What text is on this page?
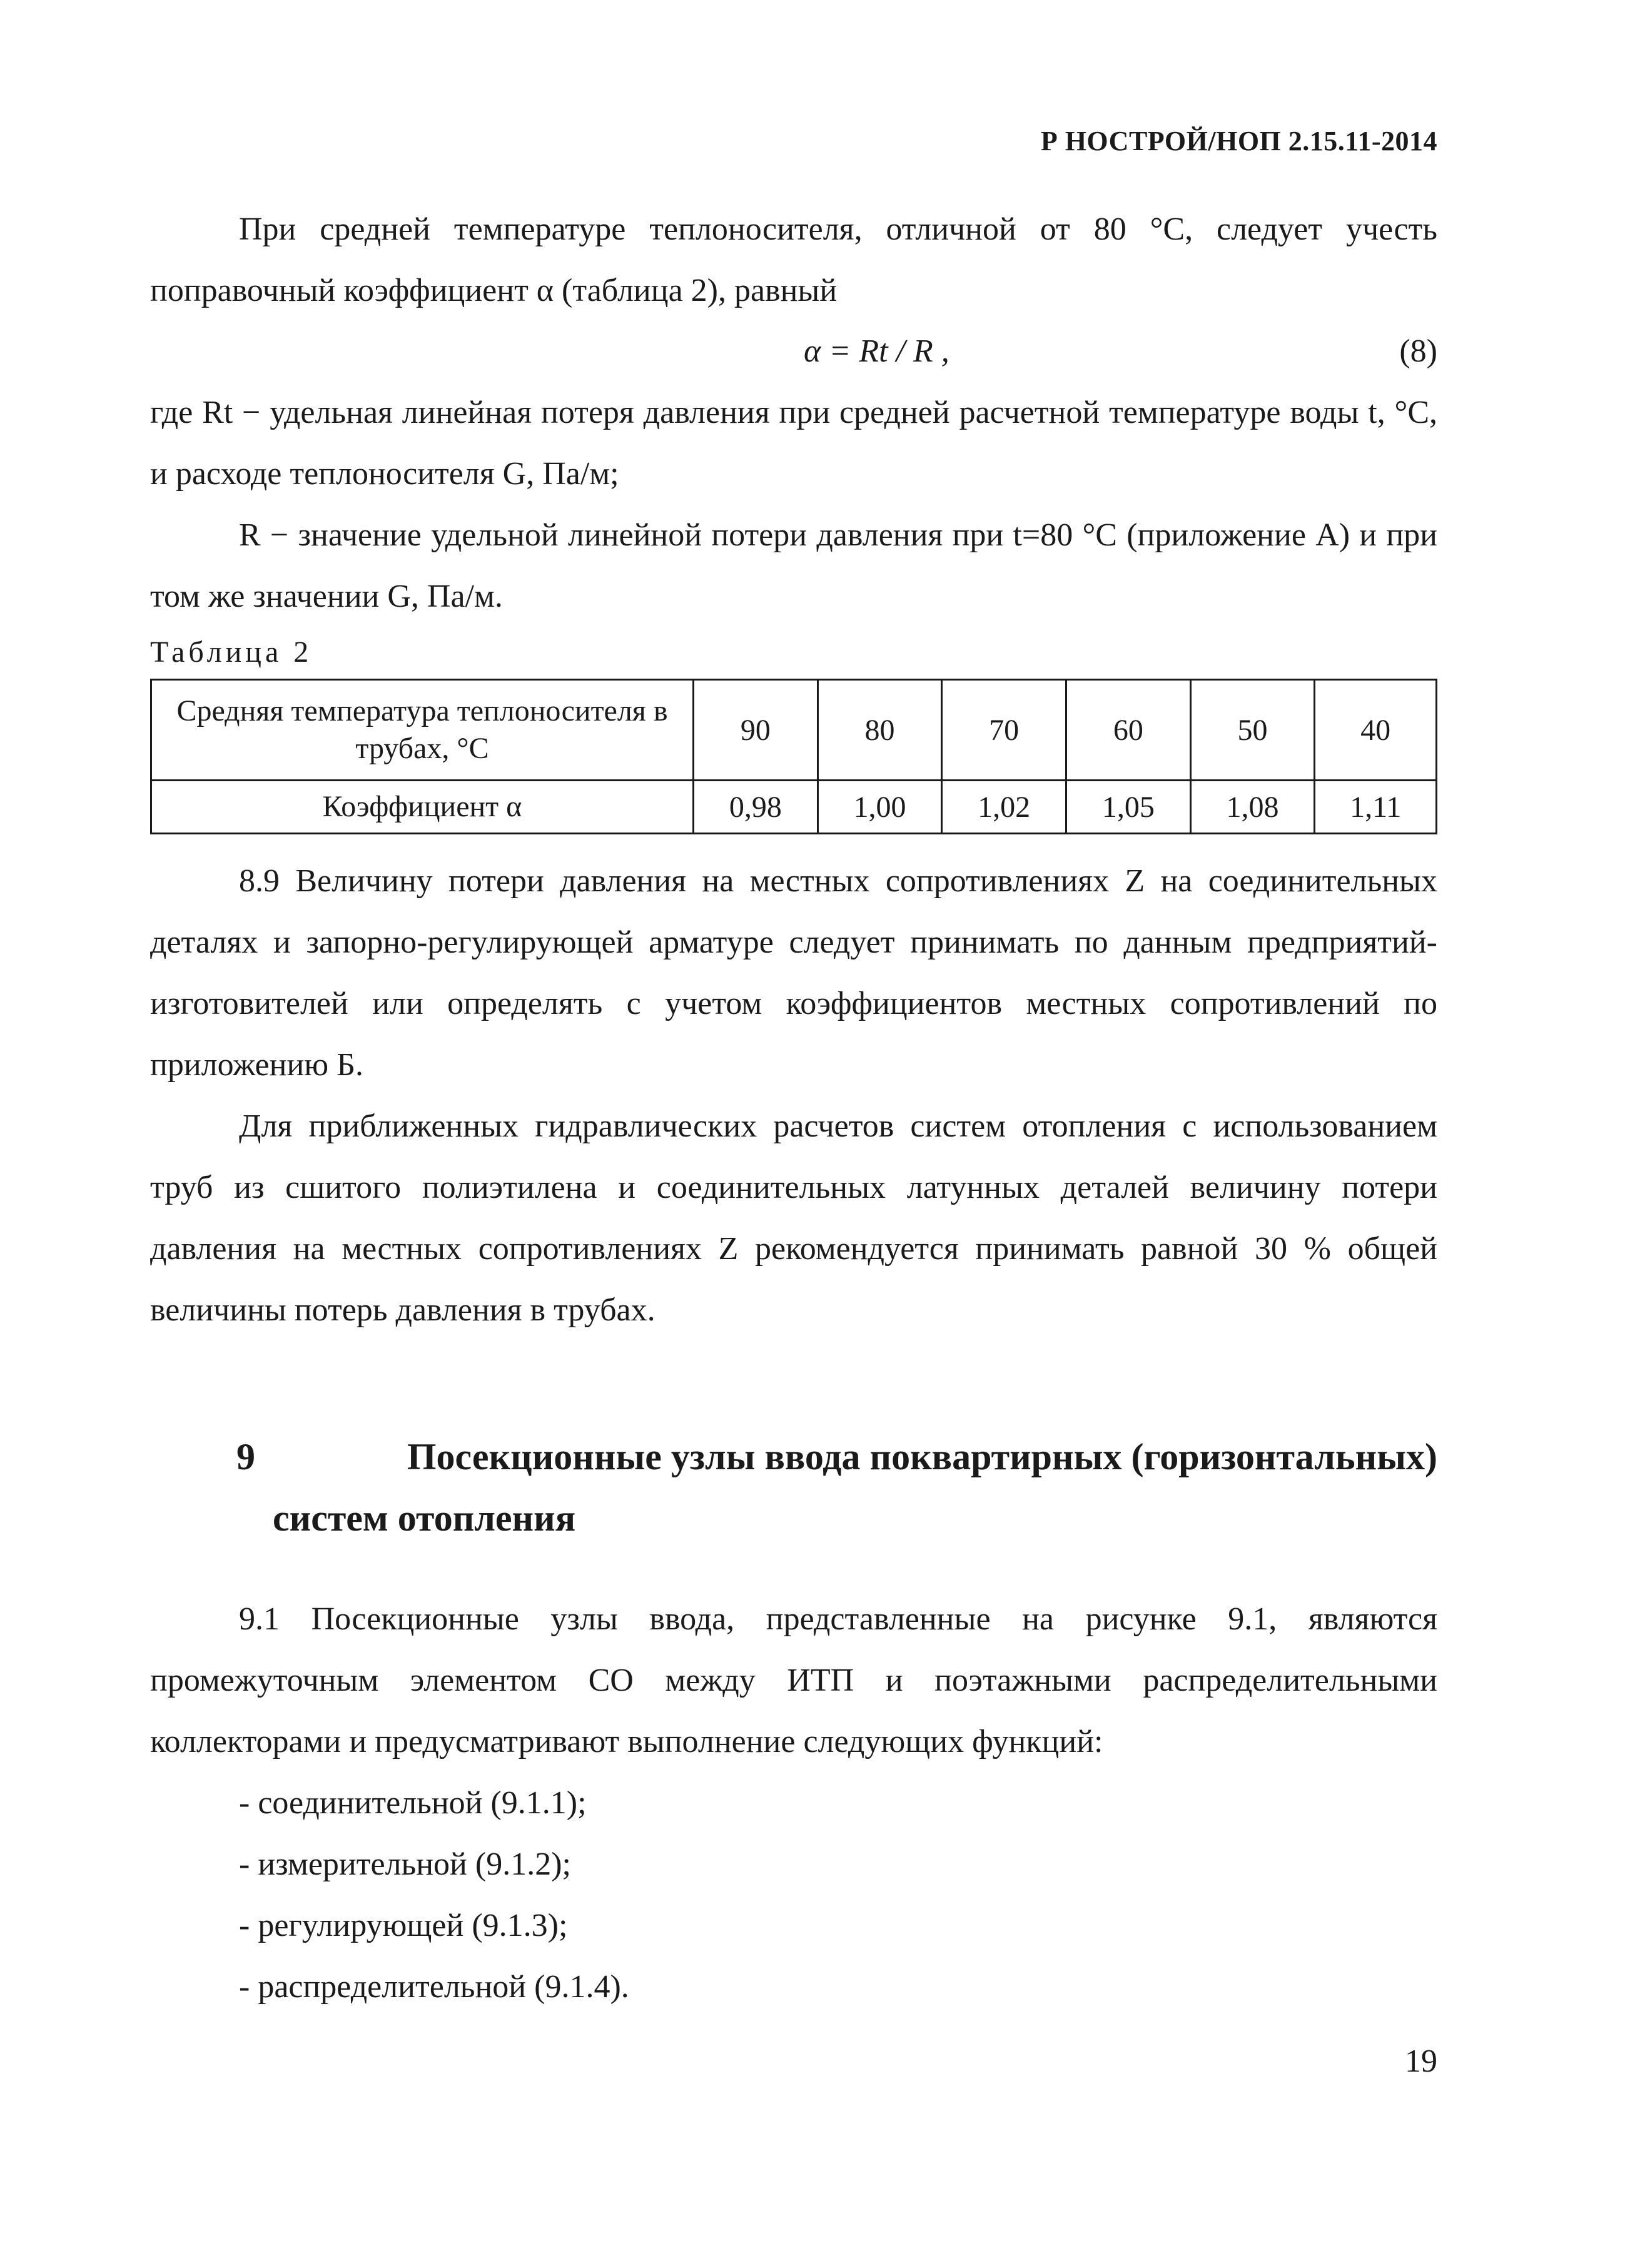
Р НОСТРОЙ/НОП 2.15.11-2014

При средней температуре теплоносителя, отличной от 80 °С, следует учесть поправочный коэффициент α (таблица 2), равный

α = Rt / R ,	(8)

где Rt − удельная линейная потеря давления при средней расчетной температуре воды t, °С, и расходе теплоносителя G, Па/м;

R − значение удельной линейной потери давления при t=80 °С (приложение А) и при том же значении G, Па/м.

Таблица 2
Средняя температура теплоносителя в трубах, °С	90	80	70	60	50	40
Коэффициент α	0,98	1,00	1,02	1,05	1,08	1,11

8.9 Величину потери давления на местных сопротивлениях Z на соединительных деталях и запорно-регулирующей арматуре следует принимать по данным предприятий-изготовителей или определять с учетом коэффициентов местных сопротивлений по приложению Б.

Для приближенных гидравлических расчетов систем отопления с использованием труб из сшитого полиэтилена и соединительных латунных деталей величину потери давления на местных сопротивлениях Z рекомендуется принимать равной 30 % общей величины потерь давления в трубах.

9	Посекционные узлы ввода поквартирных (горизонтальных)
систем отопления

9.1 Посекционные узлы ввода, представленные на рисунке 9.1, являются промежуточным элементом СО между ИТП и поэтажными распределительными коллекторами и предусматривают выполнение следующих функций:

- соединительной (9.1.1);
- измерительной (9.1.2);
- регулирующей (9.1.3);
- распределительной (9.1.4).
19
